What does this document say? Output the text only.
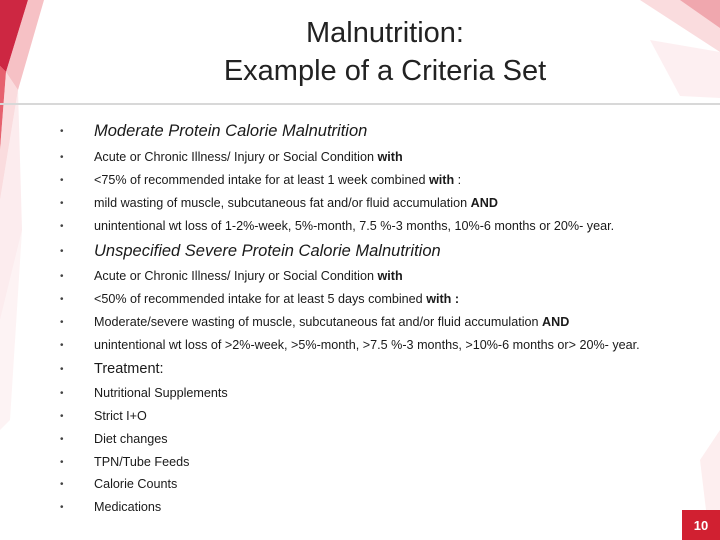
Malnutrition:
Example of a Criteria Set
• Moderate Protein Calorie Malnutrition
• Acute or Chronic Illness/ Injury or Social Condition with
• <75% of recommended intake for at least 1 week combined with :
• mild wasting of muscle, subcutaneous fat and/or fluid accumulation AND
• unintentional wt loss of 1-2%-week, 5%-month, 7.5 %-3 months, 10%-6 months or 20%- year.
• Unspecified Severe Protein Calorie Malnutrition
• Acute or Chronic Illness/ Injury or Social Condition with
• <50% of recommended intake for at least 5 days combined with :
• Moderate/severe wasting of muscle, subcutaneous fat and/or fluid accumulation AND
• unintentional wt loss of >2%-week, >5%-month, >7.5 %-3 months, >10%-6 months or> 20%- year.
• Treatment:
• Nutritional Supplements
• Strict I+O
• Diet changes
• TPN/Tube Feeds
• Calorie Counts
• Medications
10
